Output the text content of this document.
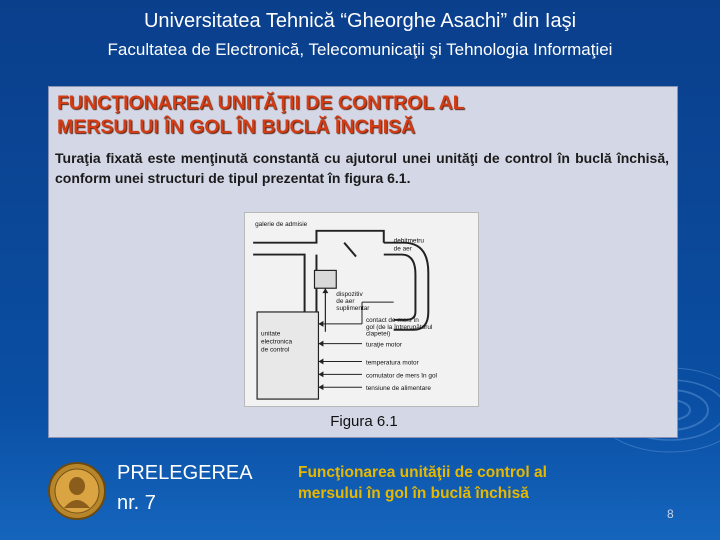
Universitatea Tehnică “Gheorghe Asachi” din Iaşi
Facultatea de Electronică, Telecomunicaţii şi Tehnologia Informaţiei
FUNCŢIONAREA UNITĂŢII DE CONTROL AL
MERSULUI ÎN GOL ÎN BUCLĂ ÎNCHISĂ
Turaţia fixată este menţinută constantă cu ajutorul unei unităţi de control în buclă închisă, conform unei structuri de tipul prezentat în figura 6.1.
galerie de admisie
debitmetru
de aer
dispozitiv
de aer
suplimentar
contact de mers în
gol (de la întrerupătorul
clapetei)
turaţie motor
temperatura motor
comutator de mers în gol
tensiune de alimentare
unitate
electronica
de control
Figura 6.1
PRELEGEREA
nr. 7
Funcţionarea unităţii de control al
mersului în gol în buclă închisă
8
